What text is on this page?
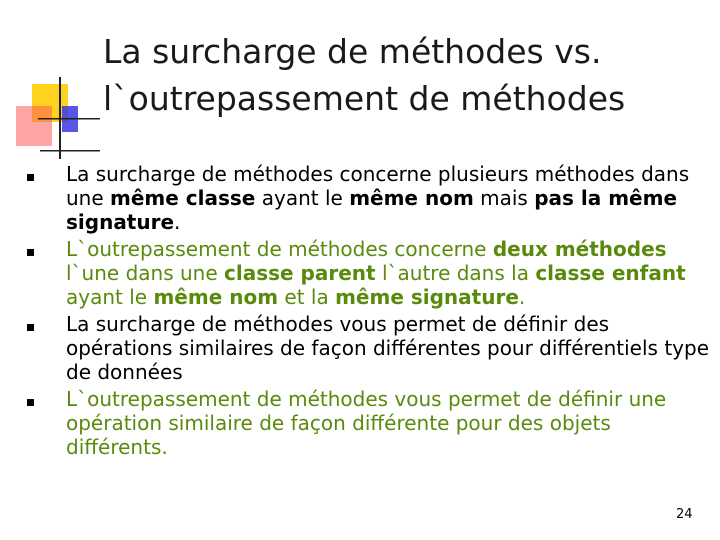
La surcharge de méthodes vs.
l`outrepassement de méthodes
La surcharge de méthodes concerne plusieurs méthodes dans une même classe ayant le même nom mais pas la même signature.
L`outrepassement de méthodes concerne deux méthodes l`une dans une classe parent l`autre dans la classe enfant ayant le même nom et la même signature.
La surcharge de méthodes vous permet de définir des opérations similaires de façon différentes pour différentiels type de données
L`outrepassement de méthodes vous permet de définir une opération similaire de façon différente pour des objets différents.
24
